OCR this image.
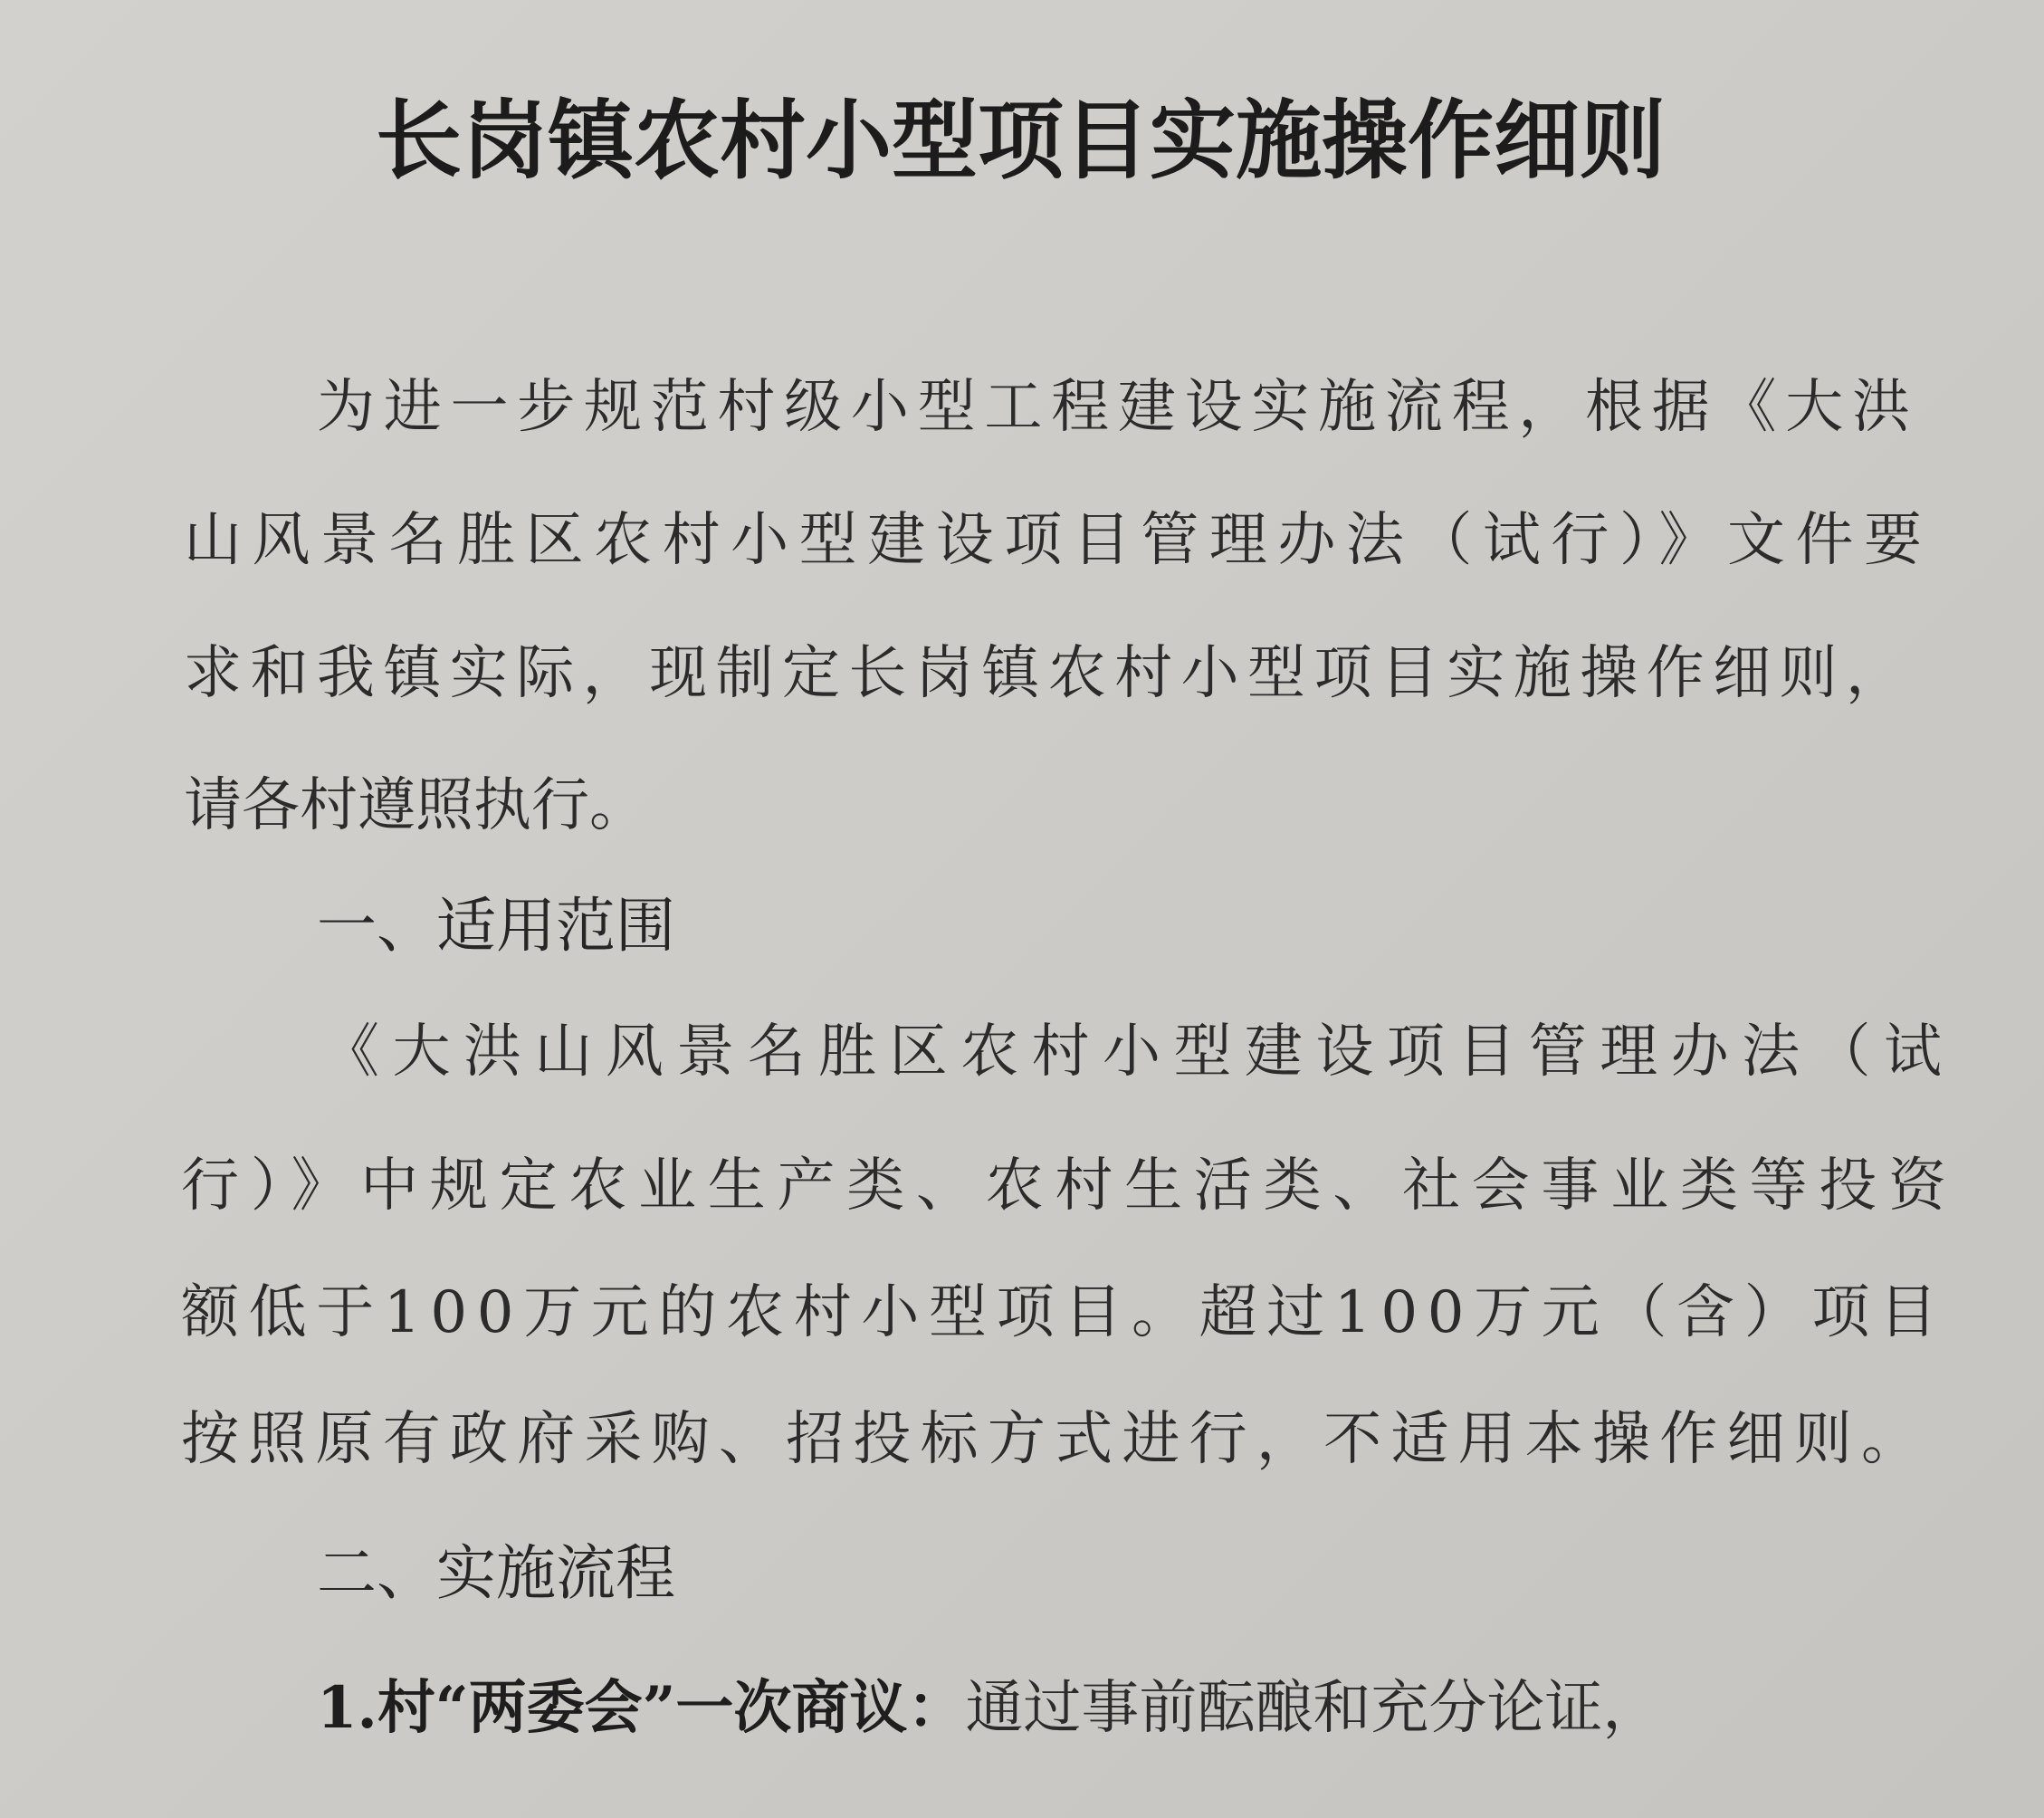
长岗镇农村小型项目实施操作细则

为进一步规范村级小型工程建设实施流程，根据《大洪

山风景名胜区农村小型建设项目管理办法（试行）》文件要

求和我镇实际，现制定长岗镇农村小型项目实施操作细则，

请各村遵照执行。

一、适用范围

《大洪山风景名胜区农村小型建设项目管理办法（试

行）》中规定农业生产类、农村生活类、社会事业类等投资

额低于100万元的农村小型项目。超过100万元（含）项目

按照原有政府采购、招投标方式进行，不适用本操作细则。

二、实施流程

1.村“两委会”一次商议：通过事前酝酿和充分论证，
